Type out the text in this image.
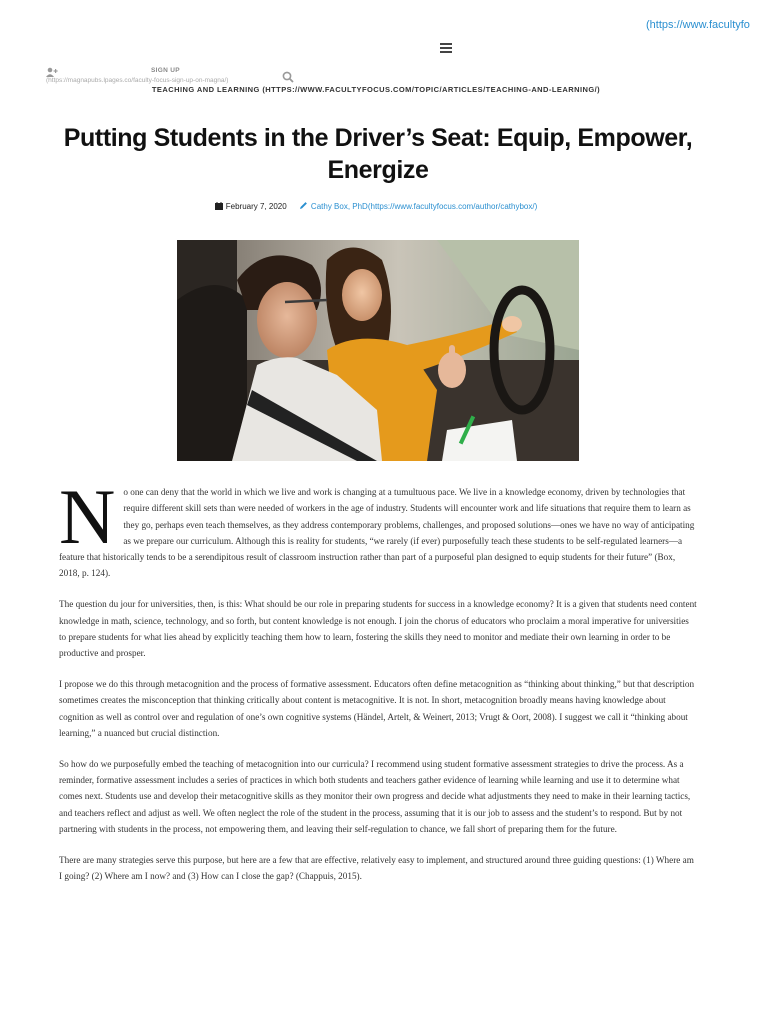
(https://www.facultyfo
SIGN UP
(https://magnapubs.lpages.co/faculty-focus-sign-up-on-magna/)
TEACHING AND LEARNING (HTTPS://WWW.FACULTYFOCUS.COM/TOPIC/ARTICLES/TEACHING-AND-LEARNING/)
Putting Students in the Driver’s Seat: Equip, Empower, Energize
February 7, 2020	Cathy Box, PhD(https://www.facultyfocus.com/author/cathybox/)

No one can deny that the world in which we live and work is changing at a tumultuous pace. We live in a knowledge economy, driven by technologies that require different skill sets than were needed of workers in the age of industry. Students will encounter work and life situations that require them to learn as they go, perhaps even teach themselves, as they address contemporary problems, challenges, and proposed solutions—ones we have no way of anticipating as we prepare our curriculum. Although this is reality for students, “we rarely (if ever) purposefully teach these students to be self-regulated learners—a feature that historically tends to be a serendipitous result of classroom instruction rather than part of a purposeful plan designed to equip students for their future” (Box, 2018, p. 124).

The question du jour for universities, then, is this: What should be our role in preparing students for success in a knowledge economy? It is a given that students need content knowledge in math, science, technology, and so forth, but content knowledge is not enough. I join the chorus of educators who proclaim a moral imperative for universities to prepare students for what lies ahead by explicitly teaching them how to learn, fostering the skills they need to monitor and mediate their own learning in order to be productive and prosper.

I propose we do this through metacognition and the process of formative assessment. Educators often define metacognition as “thinking about thinking,” but that description sometimes creates the misconception that thinking critically about content is metacognitive. It is not. In short, metacognition broadly means having knowledge about cognition as well as control over and regulation of one’s own cognitive systems (Händel, Artelt, & Weinert, 2013; Vrugt & Oort, 2008). I suggest we call it “thinking about learning,” a nuanced but crucial distinction.

So how do we purposefully embed the teaching of metacognition into our curricula? I recommend using student formative assessment strategies to drive the process. As a reminder, formative assessment includes a series of practices in which both students and teachers gather evidence of learning while learning and use it to determine what comes next. Students use and develop their metacognitive skills as they monitor their own progress and decide what adjustments they need to make in their learning tactics, and teachers reflect and adjust as well. We often neglect the role of the student in the process, assuming that it is our job to assess and the student’s to respond. But by not partnering with students in the process, not empowering them, and leaving their self-regulation to chance, we fall short of preparing them for the future.

There are many strategies serve this purpose, but here are a few that are effective, relatively easy to implement, and structured around three guiding questions: (1) Where am I going? (2) Where am I now? and (3) How can I close the gap? (Chappuis, 2015).
